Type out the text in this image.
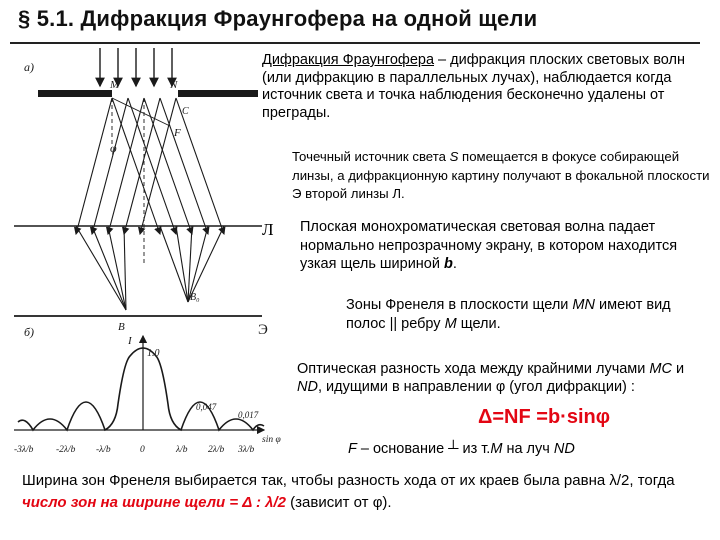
§ 5.1. Дифракция Фраунгофера на одной щели
Дифракция Фраунгофера – дифракция плоских световых волн (или дифракцию в параллельных лучах), наблюдается когда источник света и точка наблюдения бесконечно удалены от преграды.
Точечный источник света S помещается в фокусе собирающей линзы, а дифракционную картину получают в фокальной плоскости Э второй линзы Л.
Плоская монохроматическая световая волна падает нормально непрозрачному экрану, в котором находится узкая щель шириной b.
Зоны Френеля в плоскости щели MN имеют вид полос || ребру М щели.
Оптическая разность хода между крайними лучами МС и ND, идущими в направлении φ (угол дифракции) :
Δ=NF =b·sinφ
F – основание ┴ из т.М на луч ND
Ширина зон Френеля выбирается так, чтобы разность хода от их краев была равна λ/2, тогда число зон на ширине щели = Δ : λ/2 (зависит от φ).
Л
а)
M	N
F
C
φ
B₀
B	Э
б)
I
1.0
0,047
0,017
-3λ/b -2λ/b -λ/b	0	λ/b 2λ/b 3λ/b
sin φ
